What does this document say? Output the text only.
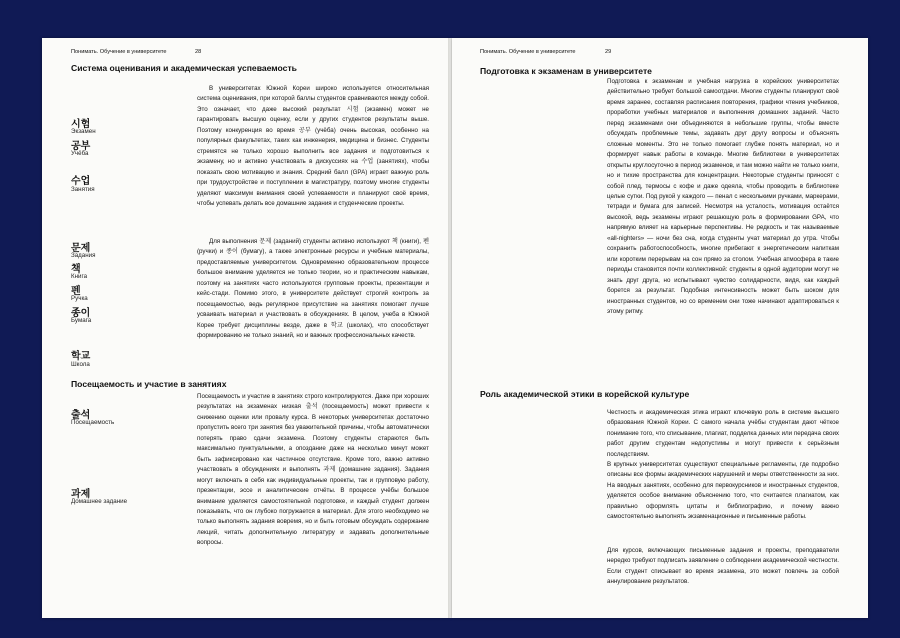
Понимать. Обучение в университете	28
Система оценивания и академическая успеваемость

В университетах Южной Кореи широко используется относительная система оценивания, при которой баллы студентов сравниваются между собой. Это означает, что даже высокий результат 시험 (экзамен) может не гарантировать высшую оценку, если у других студентов результаты выше. Поэтому конкуренция во время 공부 (учёба) очень высокая, особенно на популярных факультетах, таких как инженерия, медицина и бизнес. Студенты стремятся не только хорошо выполнить все задания и подготовиться к экзамену, но и активно участвовать в дискуссиях на 수업 (занятиях), чтобы показать свою мотивацию и знания. Средний балл (GPA) играет важную роль при трудоустройстве и поступлении в магистратуру, поэтому многие студенты уделяют максимум внимания своей успеваемости и планируют своё время, чтобы успевать делать все домашние задания и студенческие проекты.

Для выполнения 문제 (заданий) студенты активно используют 책 (книги), 펜 (ручки) и 종이 (бумагу), а также электронные ресурсы и учебные материалы, предоставляемые университетом. Одновременно образовательном процессе большое внимание уделяется не только теории, но и практическим навыкам, поэтому на занятиях часто используются групповые проекты, презентации и кейс-стади. Помимо этого, в университете действует строгий контроль за посещаемостью, ведь регулярное присутствие на занятиях помогает лучше усваивать материал и участвовать в обсуждениях. В целом, учеба в Южной Корее требует дисциплины везде, даже в 학교 (школах), что способствует формированию не только знаний, но и важных профессиональных качеств.

Посещаемость и участие в занятиях

Посещаемость и участие в занятиях строго контролируются. Даже при хороших результатах на экзаменах низкая 출석 (посещаемость) может привести к снижению оценки или провалу курса. В некоторых университетах достаточно пропустить всего три занятия без уважительной причины, чтобы автоматически потерять право сдачи экзамена. Поэтому студенты стараются быть максимально пунктуальными, а опоздание даже на несколько минут может быть зафиксировано как частичное отсутствие. Кроме того, важно активно участвовать в обсуждениях и выполнять 과제 (домашние задания). Задания могут включать в себя как индивидуальные проекты, так и групповую работу, презентации, эссе и аналитические отчёты. В процессе учёбы большое внимание уделяется самостоятельной подготовке, и каждый студент должен показывать, что он глубоко погружается в материал. Для этого необходимо не только выполнять задания вовремя, но и быть готовым обсуждать содержание лекций, читать дополнительную литературу и задавать дополнительные вопросы.

시험
Экзамен
공부
Учёба
수업
Занятия
문제
Задания
책
Книга
펜
Ручка
종이
Бумага
학교
Школа
출석
Посещаемость
과제
Домашнее задание
Понимать. Обучение в университете	29
Подготовка к экзаменам в университете

Подготовка к экзаменам и учебная нагрузка в корейских университетах действительно требует большой самоотдачи. Многие студенты планируют своё время заранее, составляя расписания повторения, графики чтения учебников, проработки учебных материалов и выполнения домашних заданий. Часто перед экзаменами они объединяются в небольшие группы, чтобы вместе обсуждать проблемные темы, задавать друг другу вопросы и объяснять сложные моменты. Это не только помогает глубже понять материал, но и формирует навык работы в команде. Многие библиотеки в университетах открыты круглосуточно в период экзаменов, и там можно найти не только книги, но и тихие пространства для концентрации. Некоторые студенты приносят с собой плед, термосы с кофе и даже одеяла, чтобы проводить в библиотеке целые сутки. Под рукой у каждого — пенал с несколькими ручками, маркерами, тетради и бумага для записей. Несмотря на усталость, мотивация остаётся высокой, ведь экзамены играют решающую роль в формировании GPA, что напрямую влияет на карьерные перспективы. Не редкость и так называемые «all-nighters» — ночи без сна, когда студенты учат материал до утра. Чтобы сохранить работоспособность, многие прибегают к энергетическим напиткам или коротким перерывам на сон прямо за столом. Учебная атмосфера в такие периоды становится почти коллективной: студенты в одной аудитории могут не знать друг друга, но испытывают чувство солидарности, видя, как каждый борется за результат. Подобная интенсивность может быть шоком для иностранных студентов, но со временем они тоже начинают адаптироваться к этому ритму.

Роль академической этики в корейской культуре

Честность и академическая этика играют ключевую роль в системе высшего образования Южной Кореи. С самого начала учёбы студентам дают чёткое понимание того, что списывание, плагиат, подделка данных или передача своих работ другим студентам недопустимы и могут привести к серьёзным последствиям.

В крупных университетах существуют специальные регламенты, где подробно описаны все формы академических нарушений и меры ответственности за них. На вводных занятиях, особенно для первокурсников и иностранных студентов, уделяется особое внимание объяснению того, что считается плагиатом, как правильно оформлять цитаты и библиографию, и почему важно самостоятельно выполнять экзаменационные и письменные работы.

Для курсов, включающих письменные задания и проекты, преподаватели нередко требуют подписать заявление о соблюдении академической честности. Если студент списывает во время экзамена, это может повлечь за собой аннулирование результатов.
